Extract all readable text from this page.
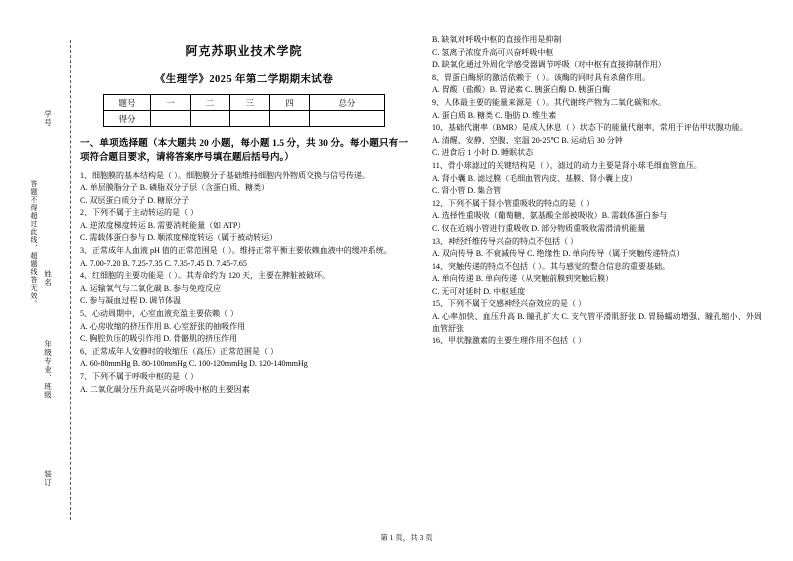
学号
答题不得超过此线，超题线答无效。 姓名
年级专业、班级
装订
阿克苏职业技术学院
《生理学》2025 年第二学期期末试卷
题号	一	二	三	四	总分
得分					
一、单项选择题（本大题共 20 小题，每小题 1.5 分，共 30 分。每小题只有一项符合题目要求，请将答案序号填在题后括号内。）
1、细胞膜的基本结构是（ ）。细胞膜分子基础维持细胞内外物质交换与信号传递。
A. 单层膜脂分子 B. 磷脂双分子层（含蛋白质、糖类）
C. 双层蛋白质分子 D. 糖原分子
2、下列不属于主动转运的是（ ）
A. 逆浓度梯度转运 B. 需要消耗能量（如 ATP）
C. 需载体蛋白参与 D. 顺浓度梯度转运（属于被动转运）
3、正常成年人血液 pH 值的正常范围是（ ）。维持正常平衡主要依赖血液中的缓冲系统。
A. 7.00-7.20 B. 7.25-7.35 C. 7.35-7.45 D. 7.45-7.65
4、红细胞的主要功能是（ ）。其寿命约为 120 天，主要在脾脏被破坏。
A. 运输氧气与二氧化碳 B. 参与免疫反应
C. 参与凝血过程 D. 调节体温
5、心动周期中，心室血液充盈主要依赖（ ）
A. 心房收缩的挤压作用 B. 心室舒张的抽吸作用
C. 胸腔负压的吸引作用 D. 骨骼肌的挤压作用
6、正常成年人安静时的收缩压（高压）正常范围是（ ）
A. 60-80mmHg B. 80-100mmHg C. 100-120mmHg D. 120-140mmHg
7、下列不属于呼吸中枢的是（ ）
A. 二氧化碳分压升高是兴奋呼吸中枢的主要因素
B. 缺氧对呼吸中枢的直接作用是抑制
C. 氢离子浓度升高可兴奋呼吸中枢
D. 缺氧化通过外周化学感受器调节呼吸（对中枢有直接抑制作用）
8、胃蛋白酶原的激活依赖于（ ）。该酶的同时具有杀菌作用。
A. 胃酸（盐酸）B. 胃泌素 C. 胰蛋白酶 D. 胰蛋白酶
9、人体最主要的能量来源是（ ）。其代谢终产物为二氧化碳和水。
A. 蛋白质 B. 糖类 C. 脂肪 D. 维生素
10、基础代谢率（BMR）是成人休息（ ）状态下的能量代谢率，常用于评估甲状腺功能。
A. 清醒、安静、空腹、室温 20-25℃ B. 运动后 30 分钟
C. 进食后 1 小时 D. 睡眠状态
11、骨小球滤过的关键结构是（ ），滤过的动力主要是肾小球毛细血管血压。
A. 肾小囊 B. 滤过膜（毛细血管内皮、基膜、肾小囊上皮）
C. 肾小管 D. 集合管
12、下列不属于肾小管重吸收的特点的是（ ）
A. 选择性重吸收（葡萄糖、氨基酸全部被吸收）B. 需载体蛋白参与
C. 仅在近端小管进行重吸收 D. 部分物质重吸收需滑清机能量
13、神经纤维传导兴奋的特点不包括（ ）
A. 双向传导 B. 不衰减传导 C. 绝缘性 D. 单向传导（属于突触传递特点）
14、突触传递的特点不包括（ ）。其与感觉的整合信息的重要基础。
A. 单向传递 B. 单向传递（从突触前膜到突触后膜）
C. 无可对延时 D. 中枢延度
15、下列不属于交感神经兴奋效应的是（ ）
A. 心率加快、血压升高 B. 瞳孔扩大 C. 支气管平滑肌舒张 D. 胃肠蠕动增强、瞳孔缩小、外周血管舒张
16、甲状腺激素的主要生理作用不包括（ ）
第 1 页，共 3 页
